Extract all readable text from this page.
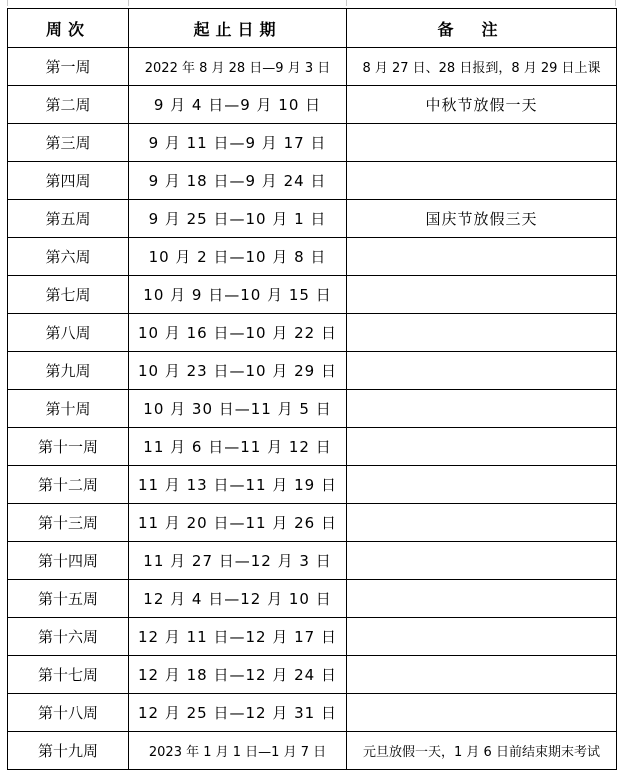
周次	起止日期	备注
第一周	2022 年 8 月 28 日—9 月 3 日	8 月 27 日、28 日报到，8 月 29 日上课
第二周	9 月 4 日—9 月 10 日	中秋节放假一天
第三周	9 月 11 日—9 月 17 日	
第四周	9 月 18 日—9 月 24 日	
第五周	9 月 25 日—10 月 1 日	国庆节放假三天
第六周	10 月 2 日—10 月 8 日	
第七周	10 月 9 日—10 月 15 日	
第八周	10 月 16 日—10 月 22 日	
第九周	10 月 23 日—10 月 29 日	
第十周	10 月 30 日—11 月 5 日	
第十一周	11 月 6 日—11 月 12 日	
第十二周	11 月 13 日—11 月 19 日	
第十三周	11 月 20 日—11 月 26 日	
第十四周	11 月 27 日—12 月 3 日	
第十五周	12 月 4 日—12 月 10 日	
第十六周	12 月 11 日—12 月 17 日	
第十七周	12 月 18 日—12 月 24 日	
第十八周	12 月 25 日—12 月 31 日	
第十九周	2023 年 1 月 1 日—1 月 7 日	元旦放假一天，1 月 6 日前结束期末考试
